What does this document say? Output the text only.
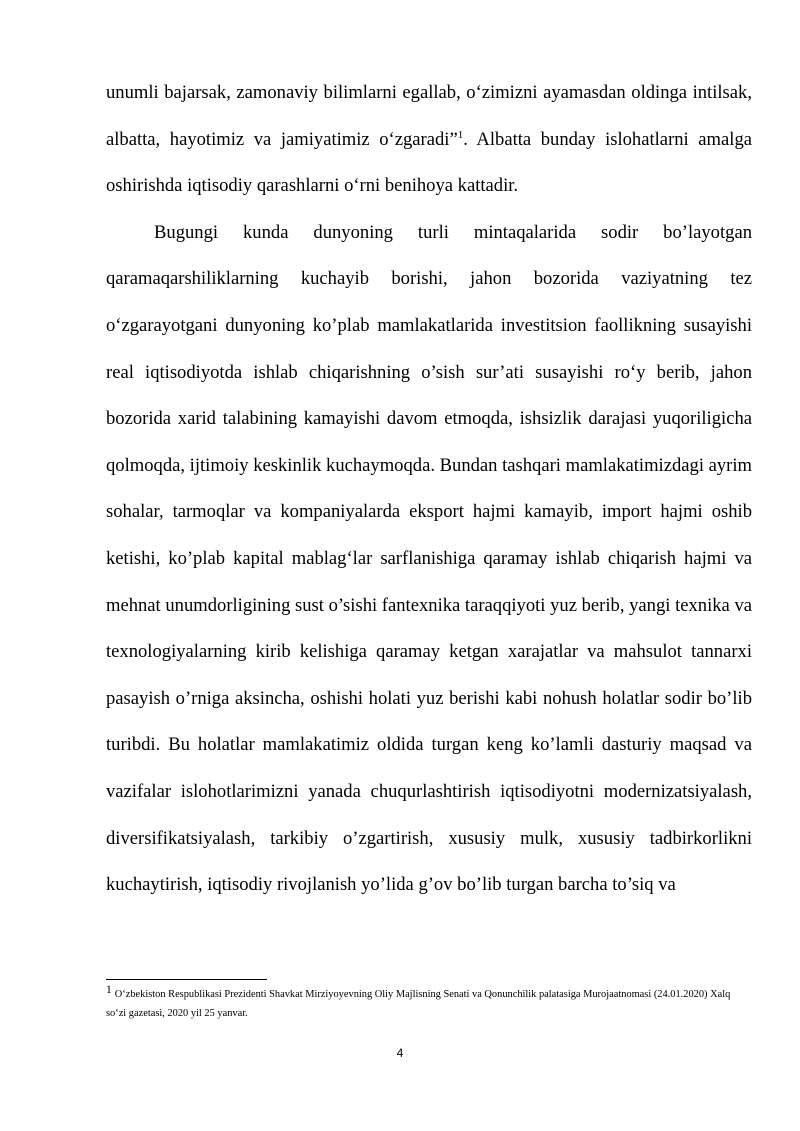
unumli bajarsak, zamonaviy bilimlarni egallab, o‘zimizni ayamasdan oldinga intilsak, albatta, hayotimiz va jamiyatimiz o‘zgaradi”$^1$. Albatta bunday islohatlarni amalga oshirishda iqtisodiy qarashlarni o‘rni benihoya kattadir.

Bugungi kunda dunyoning turli mintaqalarida sodir bo’layotgan qaramaqarshiliklarning kuchayib borishi, jahon bozorida vaziyatning tez o‘zgarayotgani dunyoning ko’plab mamlakatlarida investitsion faollikning susayishi real iqtisodiyotda ishlab chiqarishning o’sish sur’ati susayishi ro‘y berib, jahon bozorida xarid talabining kamayishi davom etmoqda, ishsizlik darajasi yuqoriligicha qolmoqda, ijtimoiy keskinlik kuchaymoqda. Bundan tashqari mamlakatimizdagi ayrim sohalar, tarmoqlar va kompaniyalarda eksport hajmi kamayib, import hajmi oshib ketishi, ko’plab kapital mablag‘lar sarflanishiga qaramay ishlab chiqarish hajmi va mehnat unumdorligining sust o’sishi fantexnika taraqqiyoti yuz berib, yangi texnika va texnologiyalarning kirib kelishiga qaramay ketgan xarajatlar va mahsulot tannarxi pasayish o’rniga aksincha, oshishi holati yuz berishi kabi nohush holatlar sodir bo’lib turibdi. Bu holatlar mamlakatimiz oldida turgan keng ko’lamli dasturiy maqsad va vazifalar islohotlarimizni yanada chuqurlashtirish iqtisodiyotni modernizatsiyalash, diversifikatsiyalash, tarkibiy o’zgartirish, xususiy mulk, xususiy tadbirkorlikni kuchaytirish, iqtisodiy rivojlanish yo’lida g’ov bo’lib turgan barcha to’siq va

1 O‘zbekiston Respublikasi Prezidenti Shavkat Mirziyoyevning Oliy Majlisning Senati va Qonunchilik palatasiga Murojaatnomasi (24.01.2020) Xalq so‘zi gazetasi, 2020 yil 25 yanvar.

4
